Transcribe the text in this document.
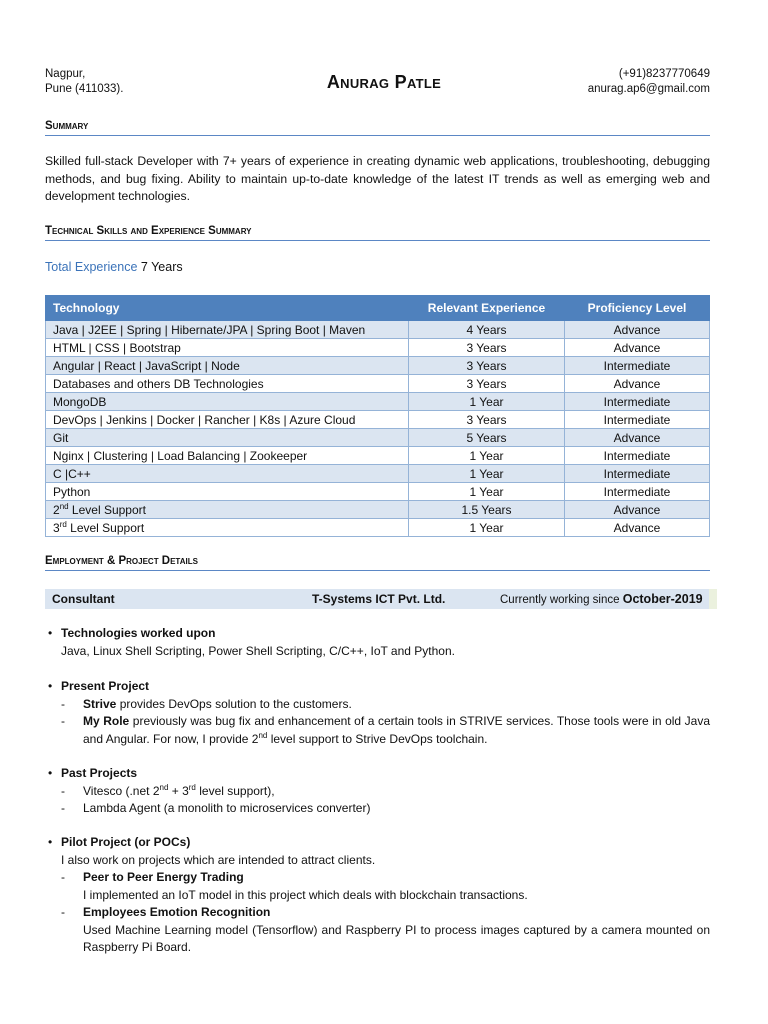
Nagpur,
Pune (411033).	Anurag Patle	(+91)8237770649
anurag.ap6@gmail.com
Summary
Skilled full-stack Developer with 7+ years of experience in creating dynamic web applications, troubleshooting, debugging methods, and bug fixing. Ability to maintain up-to-date knowledge of the latest IT trends as well as emerging web and development technologies.
Technical Skills and Experience Summary
Total Experience 7 Years
Technology	Relevant Experience	Proficiency Level
Java | J2EE | Spring | Hibernate/JPA | Spring Boot | Maven	4 Years	Advance
HTML | CSS | Bootstrap	3 Years	Advance
Angular | React | JavaScript | Node	3 Years	Intermediate
Databases and others DB Technologies	3 Years	Advance
MongoDB	1 Year	Intermediate
DevOps | Jenkins | Docker | Rancher | K8s | Azure Cloud	3 Years	Intermediate
Git	5 Years	Advance
Nginx | Clustering | Load Balancing | Zookeeper	1 Year	Intermediate
C |C++	1 Year	Intermediate
Python	1 Year	Intermediate
2nd Level Support	1.5 Years	Advance
3rd Level Support	1 Year	Advance
Employment & Project Details
Consultant	T-Systems ICT Pvt. Ltd.	Currently working since October-2019
• Technologies worked upon
Java, Linux Shell Scripting, Power Shell Scripting, C/C++, IoT and Python.
• Present Project
- Strive provides DevOps solution to the customers.
- My Role previously was bug fix and enhancement of a certain tools in STRIVE services. Those tools were in old Java and Angular. For now, I provide 2nd level support to Strive DevOps toolchain.
• Past Projects
- Vitesco (.net 2nd + 3rd level support),
- Lambda Agent (a monolith to microservices converter)
• Pilot Project (or POCs)
I also work on projects which are intended to attract clients.
- Peer to Peer Energy Trading
I implemented an IoT model in this project which deals with blockchain transactions.
- Employees Emotion Recognition
Used Machine Learning model (Tensorflow) and Raspberry PI to process images captured by a camera mounted on Raspberry Pi Board.
